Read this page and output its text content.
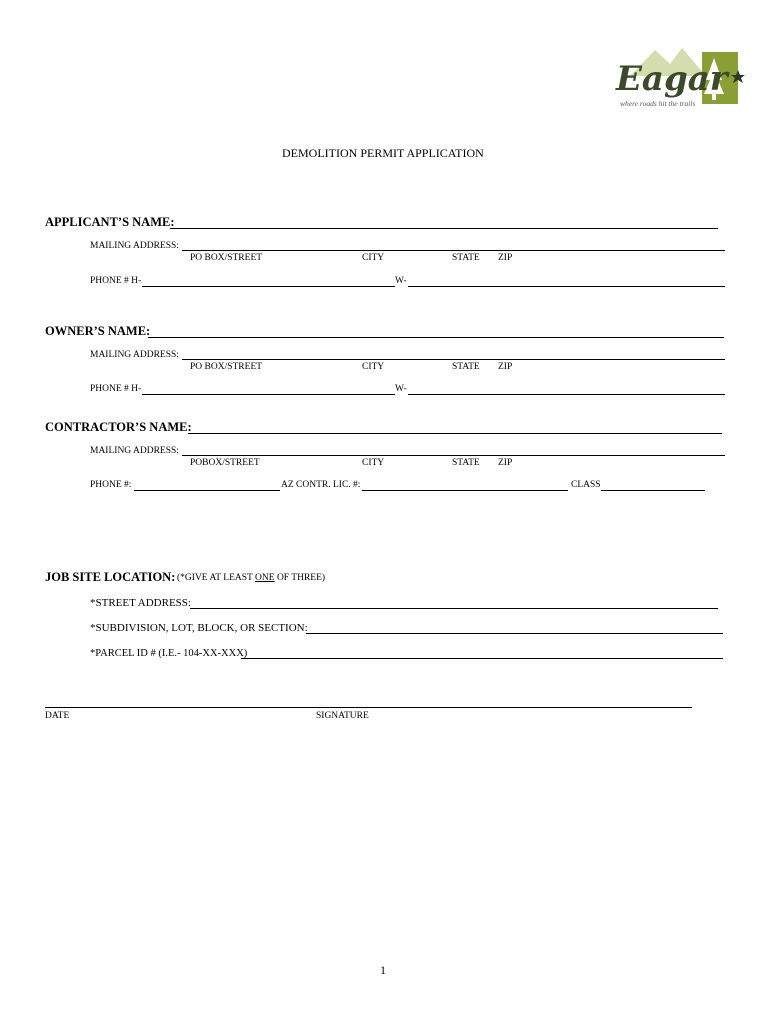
Eagar
where roads hit the trails
DEMOLITION PERMIT APPLICATION
APPLICANT’S NAME:
MAILING ADDRESS:
PO BOX/STREET	CITY	STATE ZIP
PHONE # H-	W-
OWNER’S NAME:
MAILING ADDRESS:
PO BOX/STREET	CITY	STATE ZIP
PHONE # H-	W-
CONTRACTOR’S NAME:
MAILING ADDRESS:
POBOX/STREET	CITY	STATE ZIP
PHONE #:	AZ CONTR. LIC. #:	CLASS
JOB SITE LOCATION: (*GIVE AT LEAST ONE OF THREE)
*STREET ADDRESS:
*SUBDIVISION, LOT, BLOCK, OR SECTION:
*PARCEL ID # (I.E.- 104-XX-XXX)
DATE	SIGNATURE
1
